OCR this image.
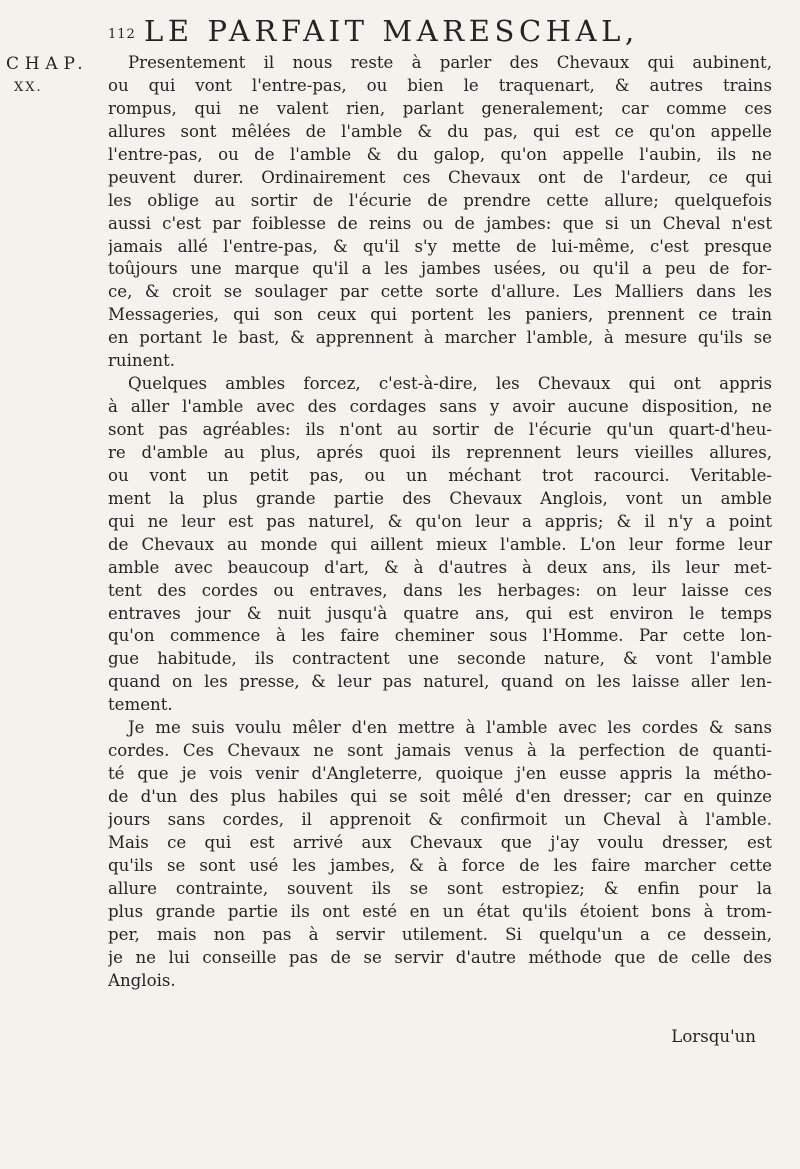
112 LE PARFAIT MARESCHAL,
CHAP.
XX.
Presentement il nous reste à parler des Chevaux qui aubinent,
ou qui vont l'entre-pas, ou bien le traquenart, & autres trains
rompus, qui ne valent rien, parlant generalement; car comme ces
allures sont mêlées de l'amble & du pas, qui est ce qu'on appelle
l'entre-pas, ou de l'amble & du galop, qu'on appelle l'aubin, ils ne
peuvent durer. Ordinairement ces Chevaux ont de l'ardeur, ce qui
les oblige au sortir de l'écurie de prendre cette allure; quelquefois
aussi c'est par foiblesse de reins ou de jambes: que si un Cheval n'est
jamais allé l'entre-pas, & qu'il s'y mette de lui-même, c'est presque
toûjours une marque qu'il a les jambes usées, ou qu'il a peu de for-
ce, & croit se soulager par cette sorte d'allure. Les Malliers dans les
Messageries, qui son ceux qui portent les paniers, prennent ce train
en portant le bast, & apprennent à marcher l'amble, à mesure qu'ils se
ruinent.
Quelques ambles forcez, c'est-à-dire, les Chevaux qui ont appris
à aller l'amble avec des cordages sans y avoir aucune disposition, ne
sont pas agréables: ils n'ont au sortir de l'écurie qu'un quart-d'heu-
re d'amble au plus, aprés quoi ils reprennent leurs vieilles allures,
ou vont un petit pas, ou un méchant trot racourci. Veritable-
ment la plus grande partie des Chevaux Anglois, vont un amble
qui ne leur est pas naturel, & qu'on leur a appris; & il n'y a point
de Chevaux au monde qui aillent mieux l'amble. L'on leur forme leur
amble avec beaucoup d'art, & à d'autres à deux ans, ils leur met-
tent des cordes ou entraves, dans les herbages: on leur laisse ces
entraves jour & nuit jusqu'à quatre ans, qui est environ le temps
qu'on commence à les faire cheminer sous l'Homme. Par cette lon-
gue habitude, ils contractent une seconde nature, & vont l'amble
quand on les presse, & leur pas naturel, quand on les laisse aller len-
tement.
Je me suis voulu mêler d'en mettre à l'amble avec les cordes & sans
cordes. Ces Chevaux ne sont jamais venus à la perfection de quanti-
té que je vois venir d'Angleterre, quoique j'en eusse appris la métho-
de d'un des plus habiles qui se soit mêlé d'en dresser; car en quinze
jours sans cordes, il apprenoit & confirmoit un Cheval à l'amble.
Mais ce qui est arrivé aux Chevaux que j'ay voulu dresser, est
qu'ils se sont usé les jambes, & à force de les faire marcher cette
allure contrainte, souvent ils se sont estropiez; & enfin pour la
plus grande partie ils ont esté en un état qu'ils étoient bons à trom-
per, mais non pas à servir utilement. Si quelqu'un a ce dessein,
je ne lui conseille pas de se servir d'autre méthode que de celle des
Anglois.
Lorsqu'un
